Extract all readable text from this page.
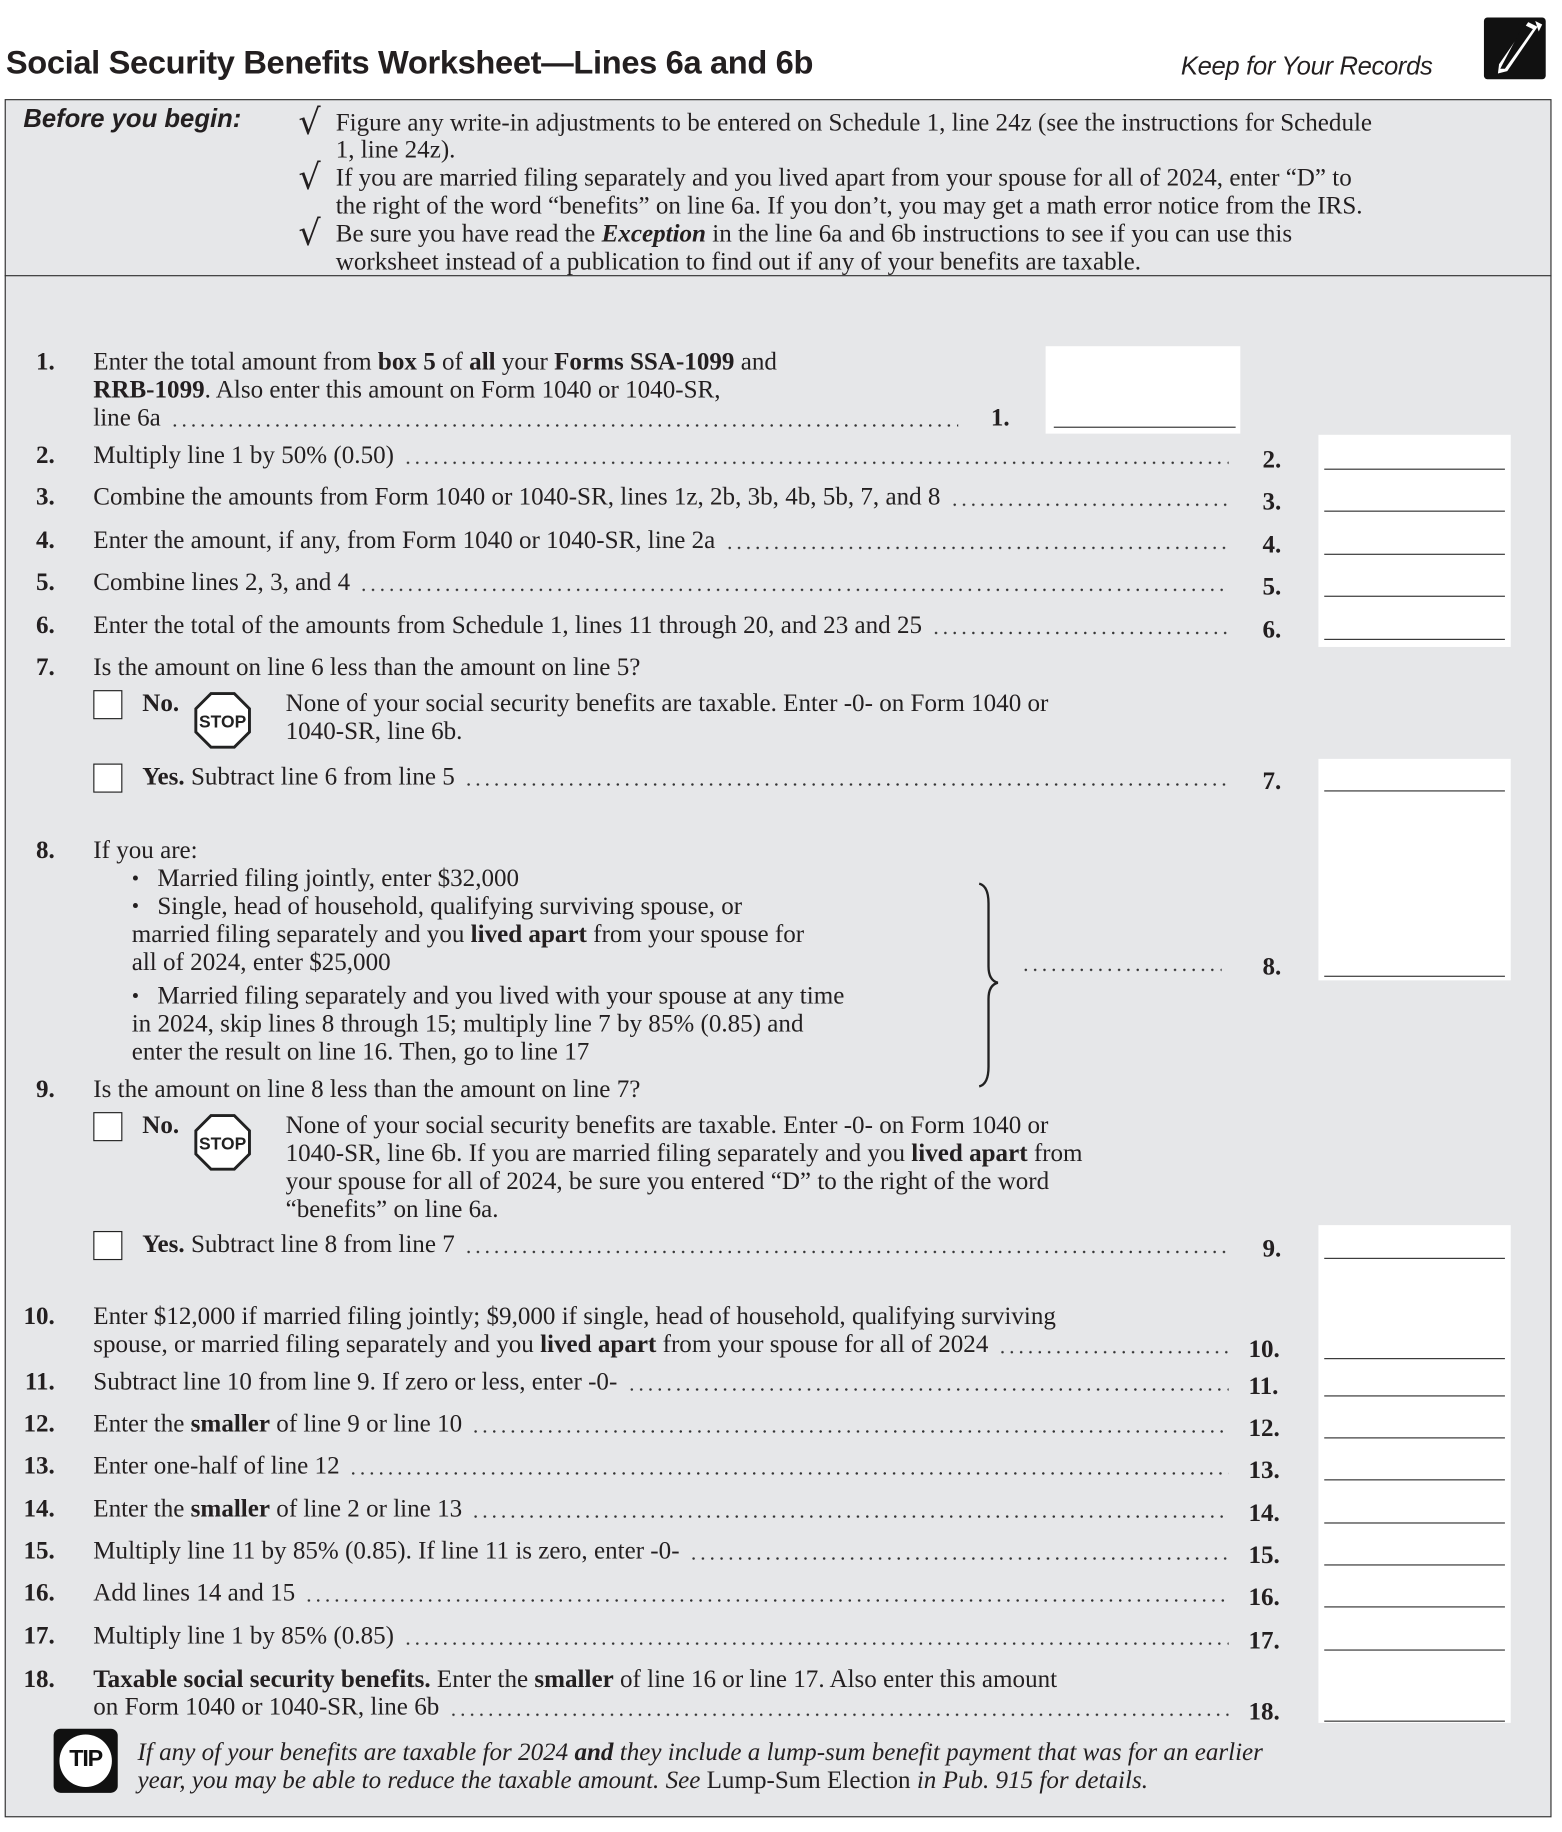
Social Security Benefits Worksheet—Lines 6a and 6b	Keep for Your Records
Before you begin:
TIP
√ Figure any write-in adjustments to be entered on Schedule 1, line 24z (see the instructions for Schedule
1, line 24z).
√ If you are married filing separately and you lived apart from your spouse for all of 2024, enter “D” to
the right of the word “benefits” on line 6a. If you don’t, you may get a math error notice from the IRS.
√ Be sure you have read the Exception in the line 6a and 6b instructions to see if you can use this
worksheet instead of a publication to find out if any of your benefits are taxable.
1. Enter the total amount from box 5 of all your Forms SSA-1099 and
RRB-1099 . Also enter this amount on Form 1040 or 1040-SR,
line 6a	1.
2. Multiply line 1 by 50% (0.50)	2.
3. Combine the amounts from Form 1040 or 1040-SR, lines 1z, 2b, 3b, 4b, 5b, 7, and 8	3.
4. Enter the amount, if any, from Form 1040 or 1040-SR, line 2a	4.
5. Combine lines 2, 3, and 4	5.
6. Enter the total of the amounts from Schedule 1, lines 11 through 20, and 23 and 25	6.
7. Is the amount on line 6 less than the amount on line 5?
No.
STOP
None of your social security benefits are taxable. Enter -0- on Form 1040 or
1040-SR, line 6b.
Yes. Subtract line 6 from line 5	7.
8. If you are:
• Married filing jointly, enter $32,000
• Single, head of household, qualifying surviving spouse, or
married filing separately and you lived apart from your spouse for
all of 2024, enter $25,000
• Married filing separately and you lived with your spouse at any time
in 2024, skip lines 8 through 15; multiply line 7 by 85% (0.85) and
enter the result on line 16. Then, go to line 17
8.
9. Is the amount on line 8 less than the amount on line 7?
No.
STOP
None of your social security benefits are taxable. Enter -0- on Form 1040 or
1040-SR, line 6b. If you are married filing separately and you lived apart from
your spouse for all of 2024, be sure you entered “D” to the right of the word
“benefits” on line 6a.
Yes. Subtract line 8 from line 7	9.
10. Enter $12,000 if married filing jointly; $9,000 if single, head of household, qualifying surviving
spouse, or married filing separately and you lived apart from your spouse for all of 2024	10.
11. Subtract line 10 from line 9. If zero or less, enter -0-	11.
12. Enter the smaller of line 9 or line 10	12.
13. Enter one-half of line 12	13.
14. Enter the smaller of line 2 or line 13	14.
15. Multiply line 11 by 85% (0.85). If line 11 is zero, enter -0-	15.
16. Add lines 14 and 15	16.
17. Multiply line 1 by 85% (0.85)	17.
18. Taxable social security benefits. Enter the smaller of line 16 or line 17. Also enter this amount
on Form 1040 or 1040-SR, line 6b	18.
If any of your benefits are taxable for 2024 and they include a lump-sum benefit payment that was for an earlier
year, you may be able to reduce the taxable amount. See Lump-Sum Election in Pub. 915 for details.
